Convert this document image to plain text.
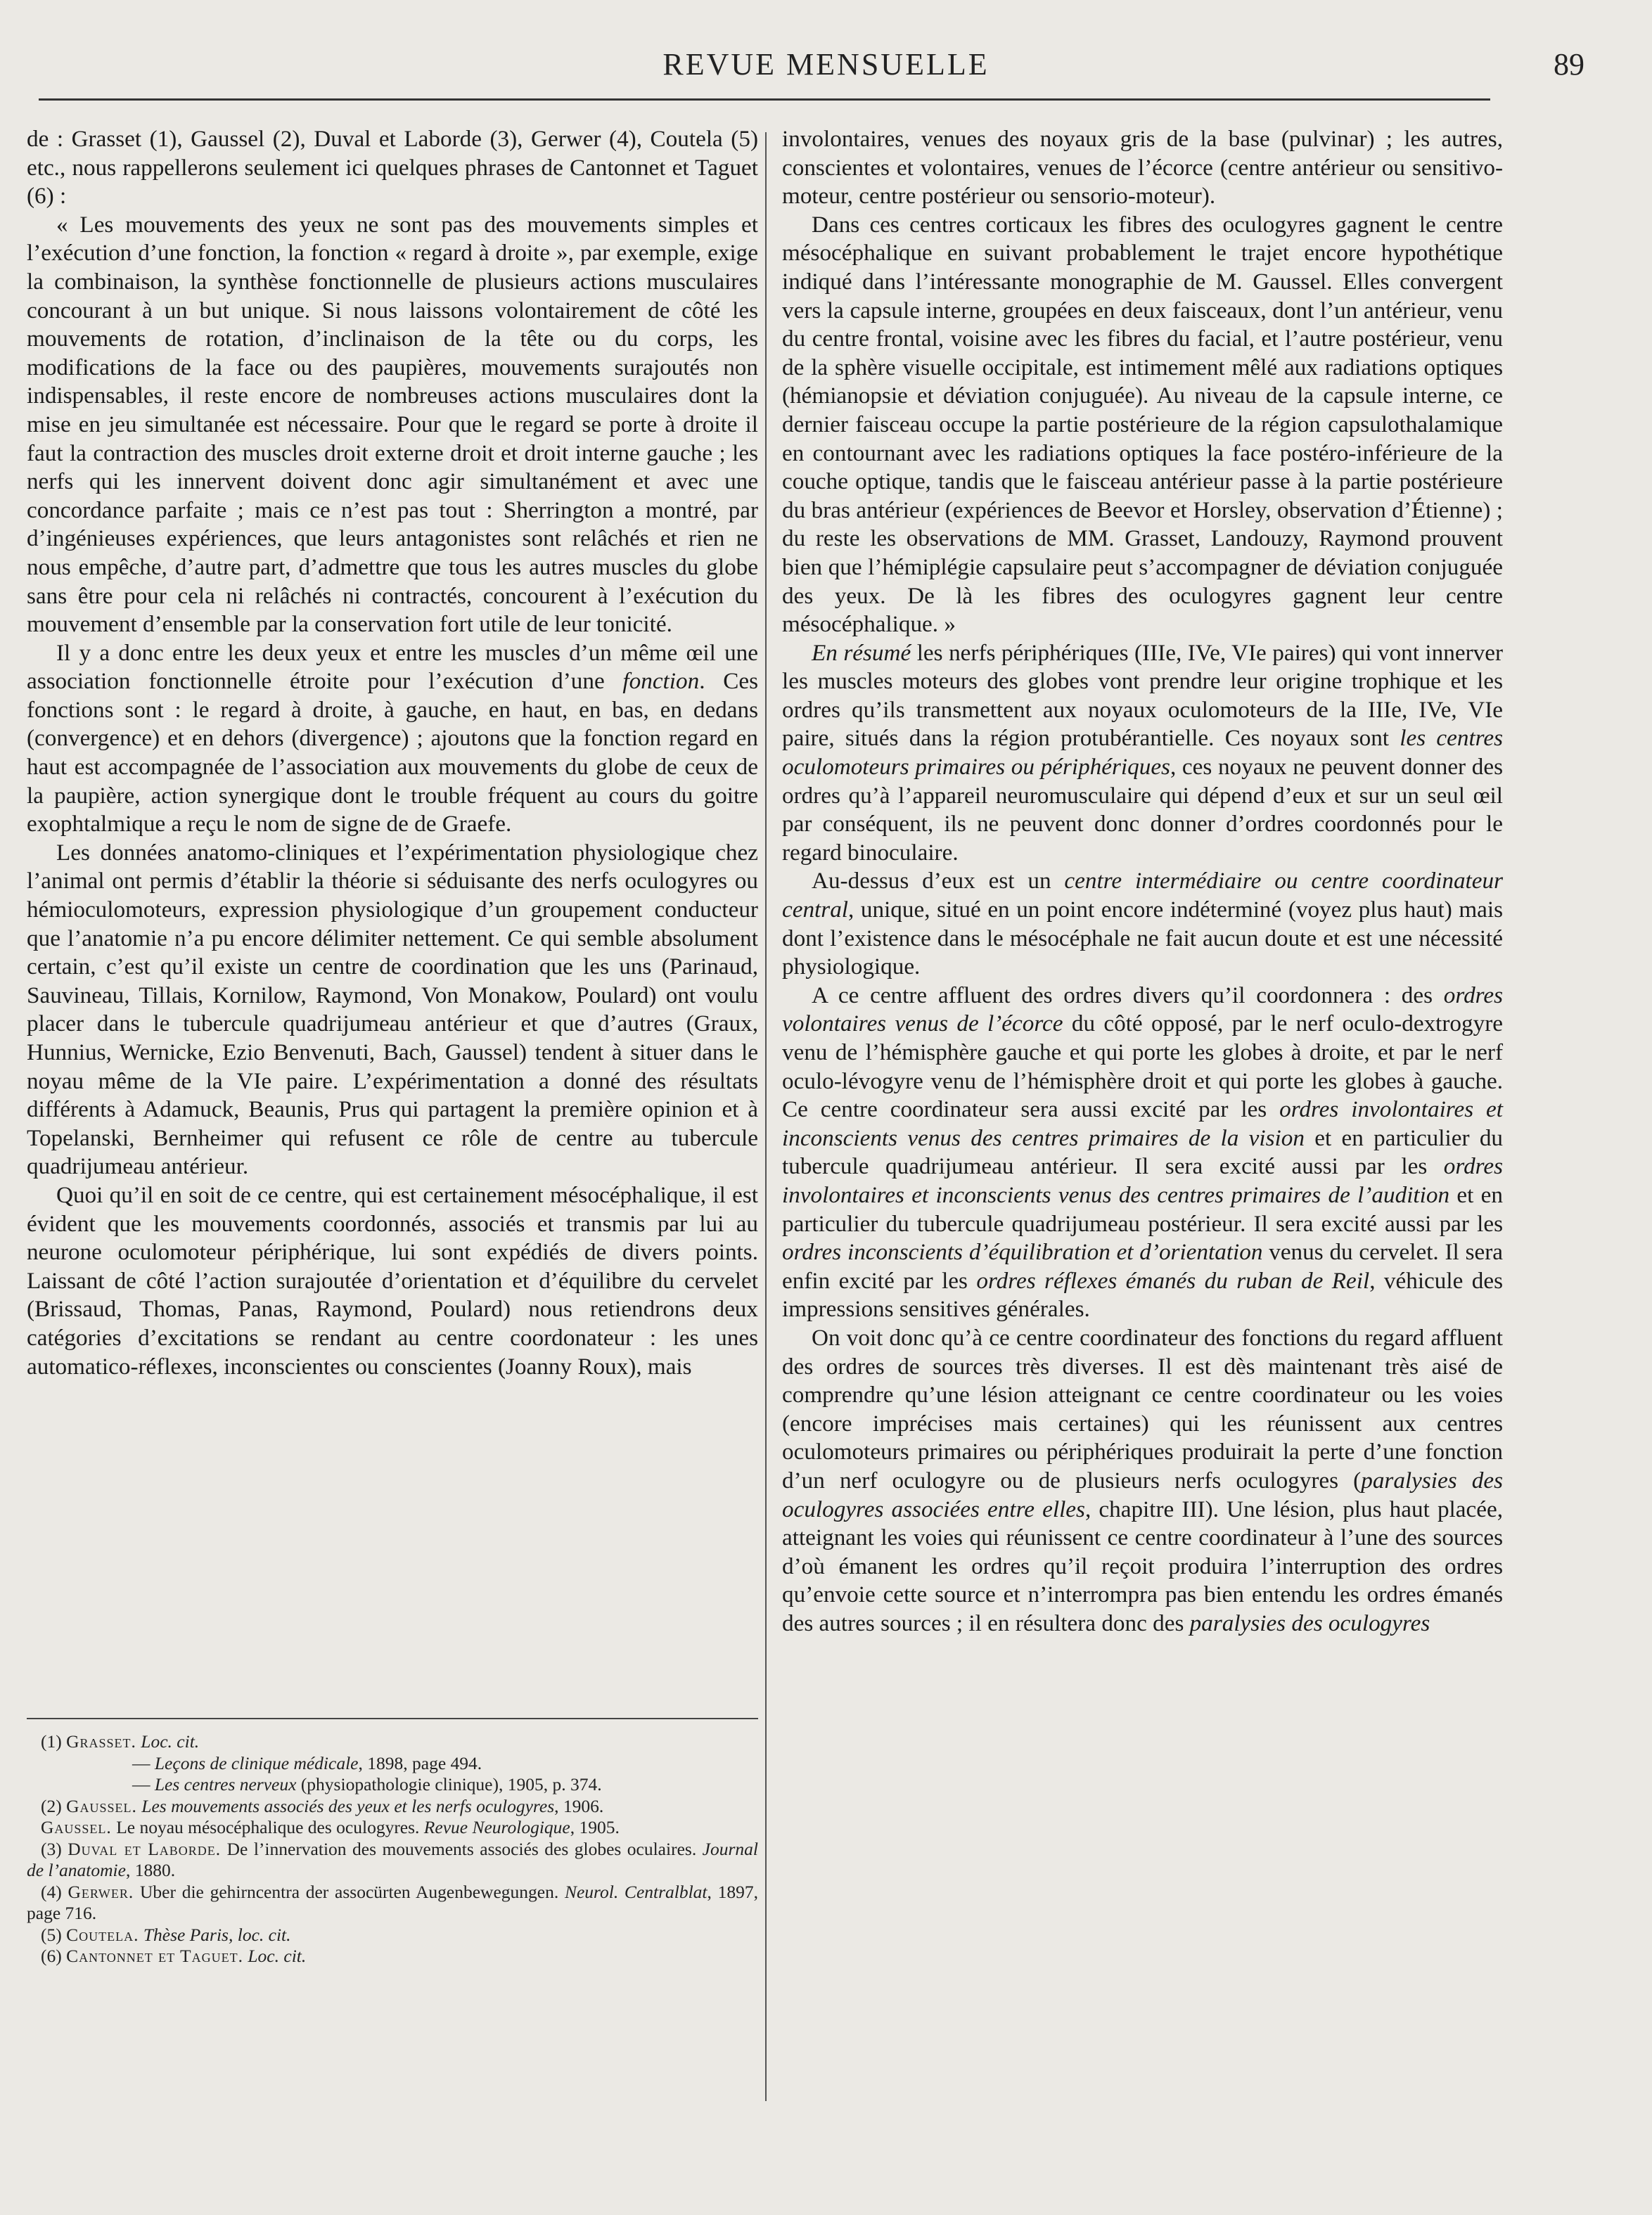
REVUE MENSUELLE	89

de : Grasset (1), Gaussel (2), Duval et Laborde (3), Gerwer (4), Coutela (5) etc., nous rappellerons seulement ici quelques phrases de Cantonnet et Taguet (6) :

« Les mouvements des yeux ne sont pas des mouvements simples et l’exécution d’une fonction, la fonction « regard à droite », par exemple, exige la combinaison, la synthèse fonctionnelle de plusieurs actions musculaires concourant à un but unique. Si nous laissons volontairement de côté les mouvements de rotation, d’inclinaison de la tête ou du corps, les modifications de la face ou des paupières, mouvements surajoutés non indispensables, il reste encore de nombreuses actions musculaires dont la mise en jeu simultanée est nécessaire. Pour que le regard se porte à droite il faut la contraction des muscles droit externe droit et droit interne gauche ; les nerfs qui les innervent doivent donc agir simultanément et avec une concordance parfaite ; mais ce n’est pas tout : Sherrington a montré, par d’ingénieuses expériences, que leurs antagonistes sont relâchés et rien ne nous empêche, d’autre part, d’admettre que tous les autres muscles du globe sans être pour cela ni relâchés ni contractés, concourent à l’exécution du mouvement d’ensemble par la conservation fort utile de leur tonicité.

Il y a donc entre les deux yeux et entre les muscles d’un même œil une association fonctionnelle étroite pour l’exécution d’une fonction. Ces fonctions sont : le regard à droite, à gauche, en haut, en bas, en dedans (convergence) et en dehors (divergence) ; ajoutons que la fonction regard en haut est accompagnée de l’association aux mouvements du globe de ceux de la paupière, action synergique dont le trouble fréquent au cours du goitre exophtalmique a reçu le nom de signe de de Graefe.

Les données anatomo-cliniques et l’expérimentation physiologique chez l’animal ont permis d’établir la théorie si séduisante des nerfs oculogyres ou hémioculomoteurs, expression physiologique d’un groupement conducteur que l’anatomie n’a pu encore délimiter nettement. Ce qui semble absolument certain, c’est qu’il existe un centre de coordination que les uns (Parinaud, Sauvineau, Tillais, Kornilow, Raymond, Von Monakow, Poulard) ont voulu placer dans le tubercule quadrijumeau antérieur et que d’autres (Graux, Hunnius, Wernicke, Ezio Benvenuti, Bach, Gaussel) tendent à situer dans le noyau même de la VIe paire. L’expérimentation a donné des résultats différents à Adamuck, Beaunis, Prus qui partagent la première opinion et à Topelanski, Bernheimer qui refusent ce rôle de centre au tubercule quadrijumeau antérieur.

Quoi qu’il en soit de ce centre, qui est certainement mésocéphalique, il est évident que les mouvements coordonnés, associés et transmis par lui au neurone oculomoteur périphérique, lui sont expédiés de divers points. Laissant de côté l’action surajoutée d’orientation et d’équilibre du cervelet (Brissaud, Thomas, Panas, Raymond, Poulard) nous retiendrons deux catégories d’excitations se rendant au centre coordonateur : les unes automatico-réflexes, inconscientes ou conscientes (Joanny Roux), mais

(1) Grasset. Loc. cit.

— Leçons de clinique médicale, 1898, page 494.

— Les centres nerveux (physiopathologie clinique), 1905, p. 374.

(2) Gaussel. Les mouvements associés des yeux et les nerfs oculogyres, 1906.

Gaussel. Le noyau mésocéphalique des oculogyres. Revue Neurologique, 1905.

(3) Duval et Laborde. De l’innervation des mouvements associés des globes oculaires. Journal de l’anatomie, 1880.

(4) Gerwer. Uber die gehirncentra der assocürten Augenbewegungen. Neurol. Centralblat, 1897, page 716.

(5) Coutela. Thèse Paris, loc. cit.

(6) Cantonnet et Taguet. Loc. cit.

involontaires, venues des noyaux gris de la base (pulvinar) ; les autres, conscientes et volontaires, venues de l’écorce (centre antérieur ou sensitivo-moteur, centre postérieur ou sensorio-moteur).

Dans ces centres corticaux les fibres des oculogyres gagnent le centre mésocéphalique en suivant probablement le trajet encore hypothétique indiqué dans l’intéressante monographie de M. Gaussel. Elles convergent vers la capsule interne, groupées en deux faisceaux, dont l’un antérieur, venu du centre frontal, voisine avec les fibres du facial, et l’autre postérieur, venu de la sphère visuelle occipitale, est intimement mêlé aux radiations optiques (hémianopsie et déviation conjuguée). Au niveau de la capsule interne, ce dernier faisceau occupe la partie postérieure de la région capsulothalamique en contournant avec les radiations optiques la face postéro-inférieure de la couche optique, tandis que le faisceau antérieur passe à la partie postérieure du bras antérieur (expériences de Beevor et Horsley, observation d’Étienne) ; du reste les observations de MM. Grasset, Landouzy, Raymond prouvent bien que l’hémiplégie capsulaire peut s’accompagner de déviation conjuguée des yeux. De là les fibres des oculogyres gagnent leur centre mésocéphalique. »

En résumé les nerfs périphériques (IIIe, IVe, VIe paires) qui vont innerver les muscles moteurs des globes vont prendre leur origine trophique et les ordres qu’ils transmettent aux noyaux oculomoteurs de la IIIe, IVe, VIe paire, situés dans la région protubérantielle. Ces noyaux sont les centres oculomoteurs primaires ou périphériques, ces noyaux ne peuvent donner des ordres qu’à l’appareil neuromusculaire qui dépend d’eux et sur un seul œil par conséquent, ils ne peuvent donc donner d’ordres coordonnés pour le regard binoculaire.

Au-dessus d’eux est un centre intermédiaire ou centre coordinateur central, unique, situé en un point encore indéterminé (voyez plus haut) mais dont l’existence dans le mésocéphale ne fait aucun doute et est une nécessité physiologique.

A ce centre affluent des ordres divers qu’il coordonnera : des ordres volontaires venus de l’écorce du côté opposé, par le nerf oculo-dextrogyre venu de l’hémisphère gauche et qui porte les globes à droite, et par le nerf oculo-lévogyre venu de l’hémisphère droit et qui porte les globes à gauche. Ce centre coordinateur sera aussi excité par les ordres involontaires et inconscients venus des centres primaires de la vision et en particulier du tubercule quadrijumeau antérieur. Il sera excité aussi par les ordres involontaires et inconscients venus des centres primaires de l’audition et en particulier du tubercule quadrijumeau postérieur. Il sera excité aussi par les ordres inconscients d’équilibration et d’orientation venus du cervelet. Il sera enfin excité par les ordres réflexes émanés du ruban de Reil, véhicule des impressions sensitives générales.

On voit donc qu’à ce centre coordinateur des fonctions du regard affluent des ordres de sources très diverses. Il est dès maintenant très aisé de comprendre qu’une lésion atteignant ce centre coordinateur ou les voies (encore imprécises mais certaines) qui les réunissent aux centres oculomoteurs primaires ou périphériques produirait la perte d’une fonction d’un nerf oculogyre ou de plusieurs nerfs oculogyres (paralysies des oculogyres associées entre elles, chapitre III). Une lésion, plus haut placée, atteignant les voies qui réunissent ce centre coordinateur à l’une des sources d’où émanent les ordres qu’il reçoit produira l’interruption des ordres qu’envoie cette source et n’interrompra pas bien entendu les ordres émanés des autres sources ; il en résultera donc des paralysies des oculogyres
